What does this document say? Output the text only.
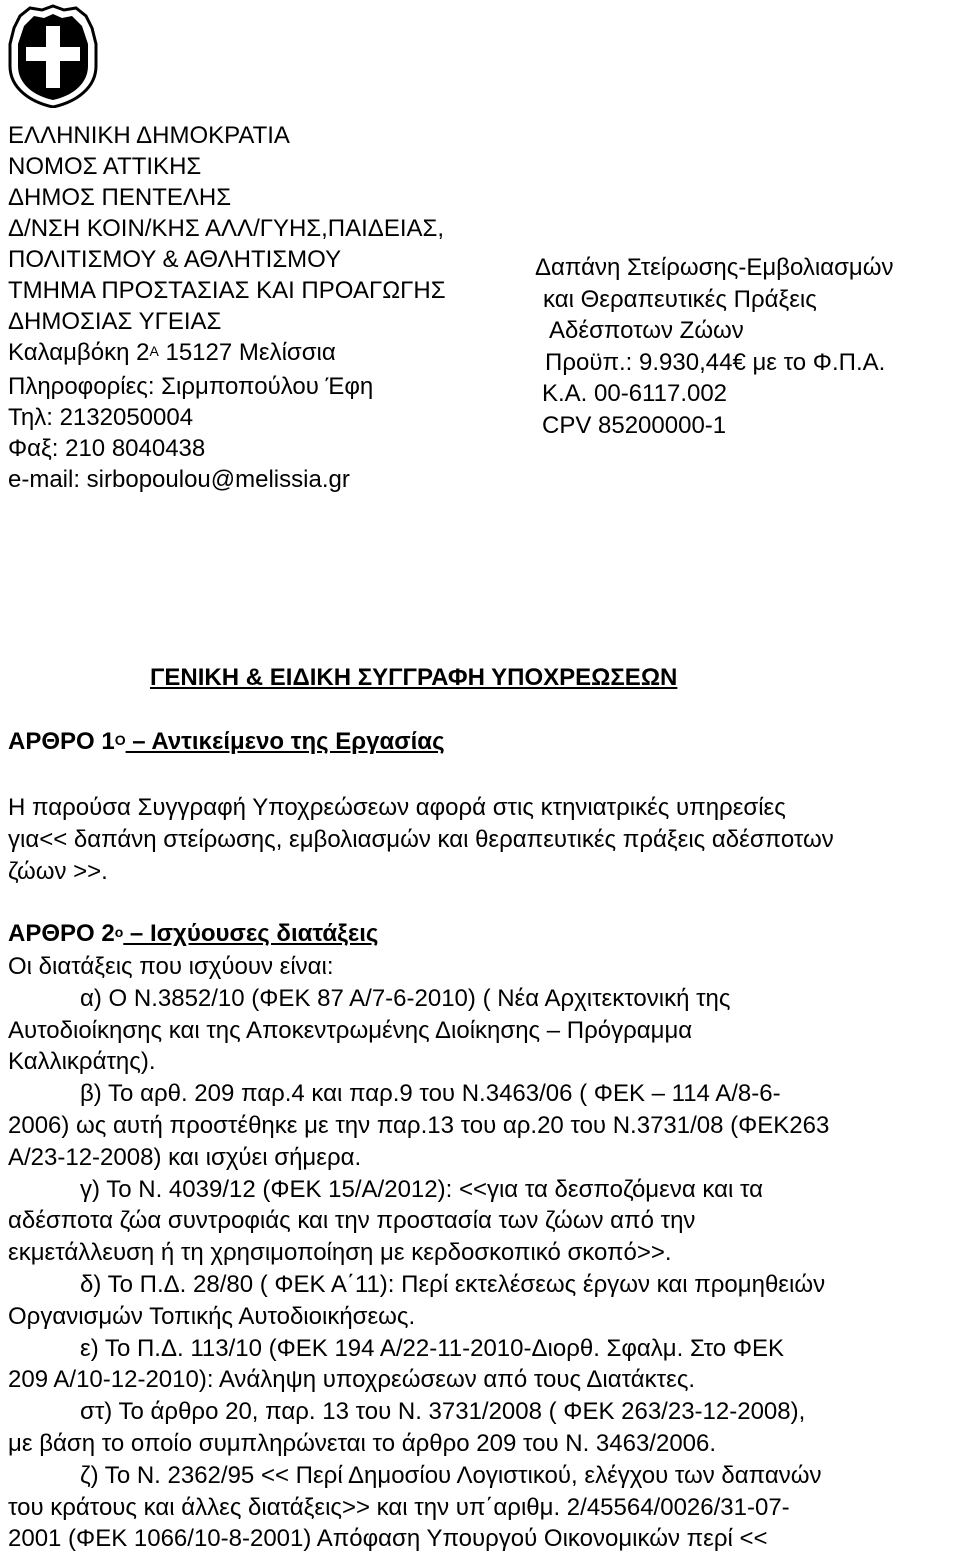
ΕΛΛΗΝΙΚΗ ΔΗΜΟΚΡΑΤΙΑ
ΝΟΜΟΣ ΑΤΤΙΚΗΣ
ΔΗΜΟΣ ΠΕΝΤΕΛΗΣ
Δ/ΝΣΗ ΚΟΙΝ/ΚΗΣ ΑΛΛ/ΓΥΗΣ,ΠΑΙΔΕΙΑΣ,
ΠΟΛΙΤΙΣΜΟΥ & ΑΘΛΗΤΙΣΜΟΥ
ΤΜΗΜΑ ΠΡΟΣΤΑΣΙΑΣ ΚΑΙ ΠΡΟΑΓΩΓΗΣ
ΔΗΜΟΣΙΑΣ ΥΓΕΙΑΣ
Καλαμβόκη $2^A$ 15127 Μελίσσια
Πληροφορίες: Σιρμποπούλου Έφη
Τηλ: 2132050004
Φαξ: 210 8040438
e-mail: sirbopoulou@melissia.gr
Δαπάνη Στείρωσης-Εμβολιασμών
και Θεραπευτικές Πράξεις
Αδέσποτων Ζώων
Προϋπ.: 9.930,44€ με το Φ.Π.Α.
Κ.Α. 00-6117.002
CPV 85200000-1
ΓΕΝΙΚΗ & ΕΙΔΙΚΗ ΣΥΓΓΡΑΦΗ ΥΠΟΧΡΕΩΣΕΩΝ
ΑΡΘΡΟ $1^O$ – Αντικείμενο της Εργασίας
Η παρούσα Συγγραφή Υποχρεώσεων αφορά στις κτηνιατρικές υπηρεσίες
για<< δαπάνη στείρωσης, εμβολιασμών και θεραπευτικές πράξεις αδέσποτων
ζώων >>.
ΑΡΘΡΟ $2^o$ – Ισχύουσες διατάξεις
Οι διατάξεις που ισχύουν είναι:
α) Ο Ν.3852/10 (ΦΕΚ 87 Α/7-6-2010) ( Νέα Αρχιτεκτονική της
Αυτοδιοίκησης και της Αποκεντρωμένης Διοίκησης – Πρόγραμμα
Καλλικράτης).
β) Το αρθ. 209 παρ.4 και παρ.9 του Ν.3463/06 ( ΦΕΚ – 114 Α/8-6-
2006) ως αυτή προστέθηκε με την παρ.13 του αρ.20 του Ν.3731/08 (ΦΕΚ263
Α/23-12-2008) και ισχύει σήμερα.
γ) Το Ν. 4039/12 (ΦΕΚ 15/Α/2012): <<για τα δεσποζόμενα και τα
αδέσποτα ζώα συντροφιάς και την προστασία των ζώων από την
εκμετάλλευση ή τη χρησιμοποίηση με κερδοσκοπικό σκοπό>>.
δ) Το Π.Δ. 28/80 ( ΦΕΚ Α΄11): Περί εκτελέσεως έργων και προμηθειών
Οργανισμών Τοπικής Αυτοδιοικήσεως.
ε) Το Π.Δ. 113/10 (ΦΕΚ 194 Α/22-11-2010-Διορθ. Σφαλμ. Στο ΦΕΚ
209 Α/10-12-2010): Ανάληψη υποχρεώσεων από τους Διατάκτες.
στ) Το άρθρο 20, παρ. 13 του Ν. 3731/2008 ( ΦΕΚ 263/23-12-2008),
με βάση το οποίο συμπληρώνεται το άρθρο 209 του Ν. 3463/2006.
ζ) Το Ν. 2362/95 << Περί Δημοσίου Λογιστικού, ελέγχου των δαπανών
του κράτους και άλλες διατάξεις>> και την υπ΄αριθμ. 2/45564/0026/31-07-
2001 (ΦΕΚ 1066/10-8-2001) Απόφαση Υπουργού Οικονομικών περί <<
